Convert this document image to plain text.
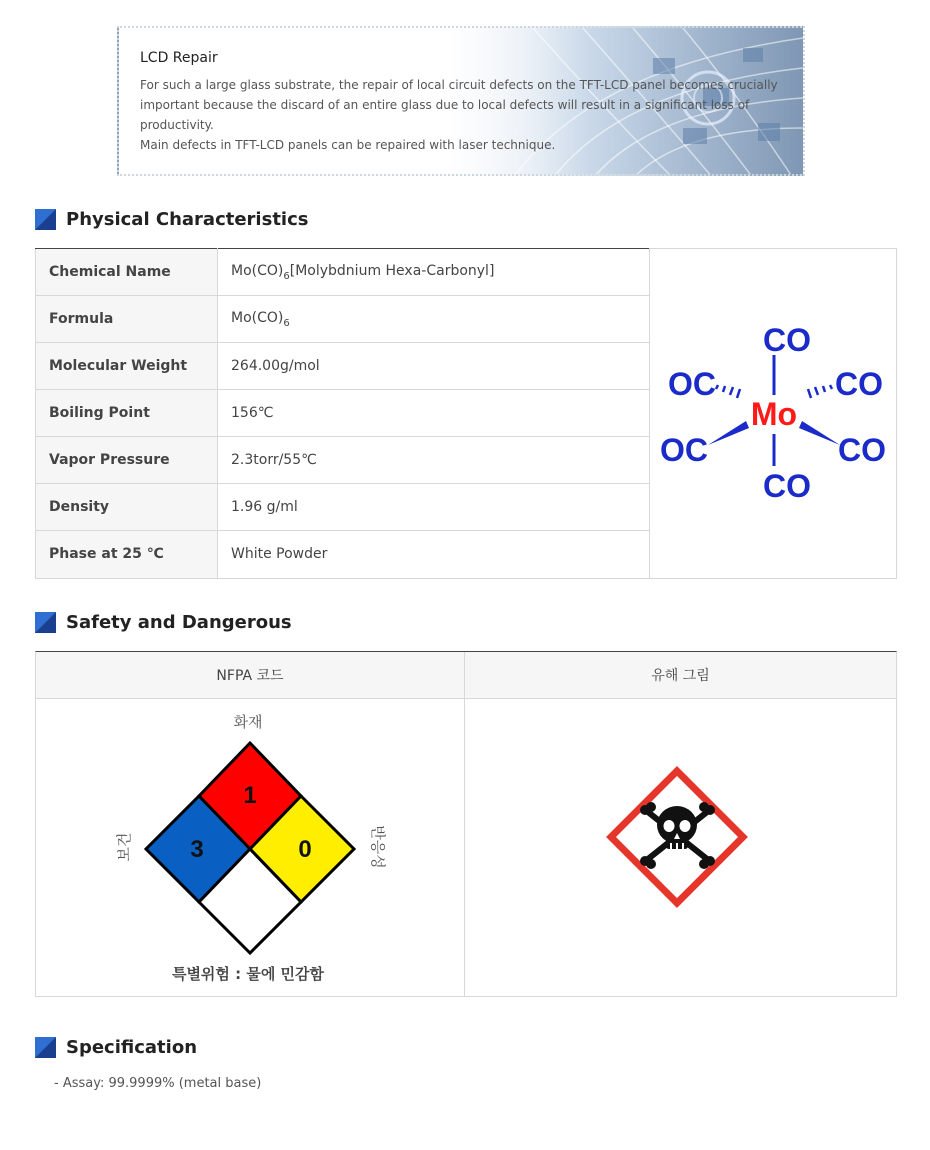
LCD Repair
For such a large glass substrate, the repair of local circuit defects on the TFT-LCD panel becomes crucially
important because the discard of an entire glass due to local defects will result in a significant loss of
productivity.
Main defects in TFT-LCD panels can be repaired with laser technique.
Physical Characteristics
Chemical Name	$Mo(CO)_6[Molybdnium$ Hexa-Carbonyl]
Formula	$Mo(CO)_6$
Molecular Weight	264.00g/mol
Boiling Point	156℃
Vapor Pressure	2.3torr/55℃
Density	1.96 g/ml
Phase at 25 ℃	White Powder
Mo
CO
CO
OC	CO
OC	CO
Safety and Dangerous
NFPA 코드	유해 그림
화재
특별위험 : 물에 민감함
보건	반응성
1
3	0
Specification
- Assay: 99.9999% (metal base)
